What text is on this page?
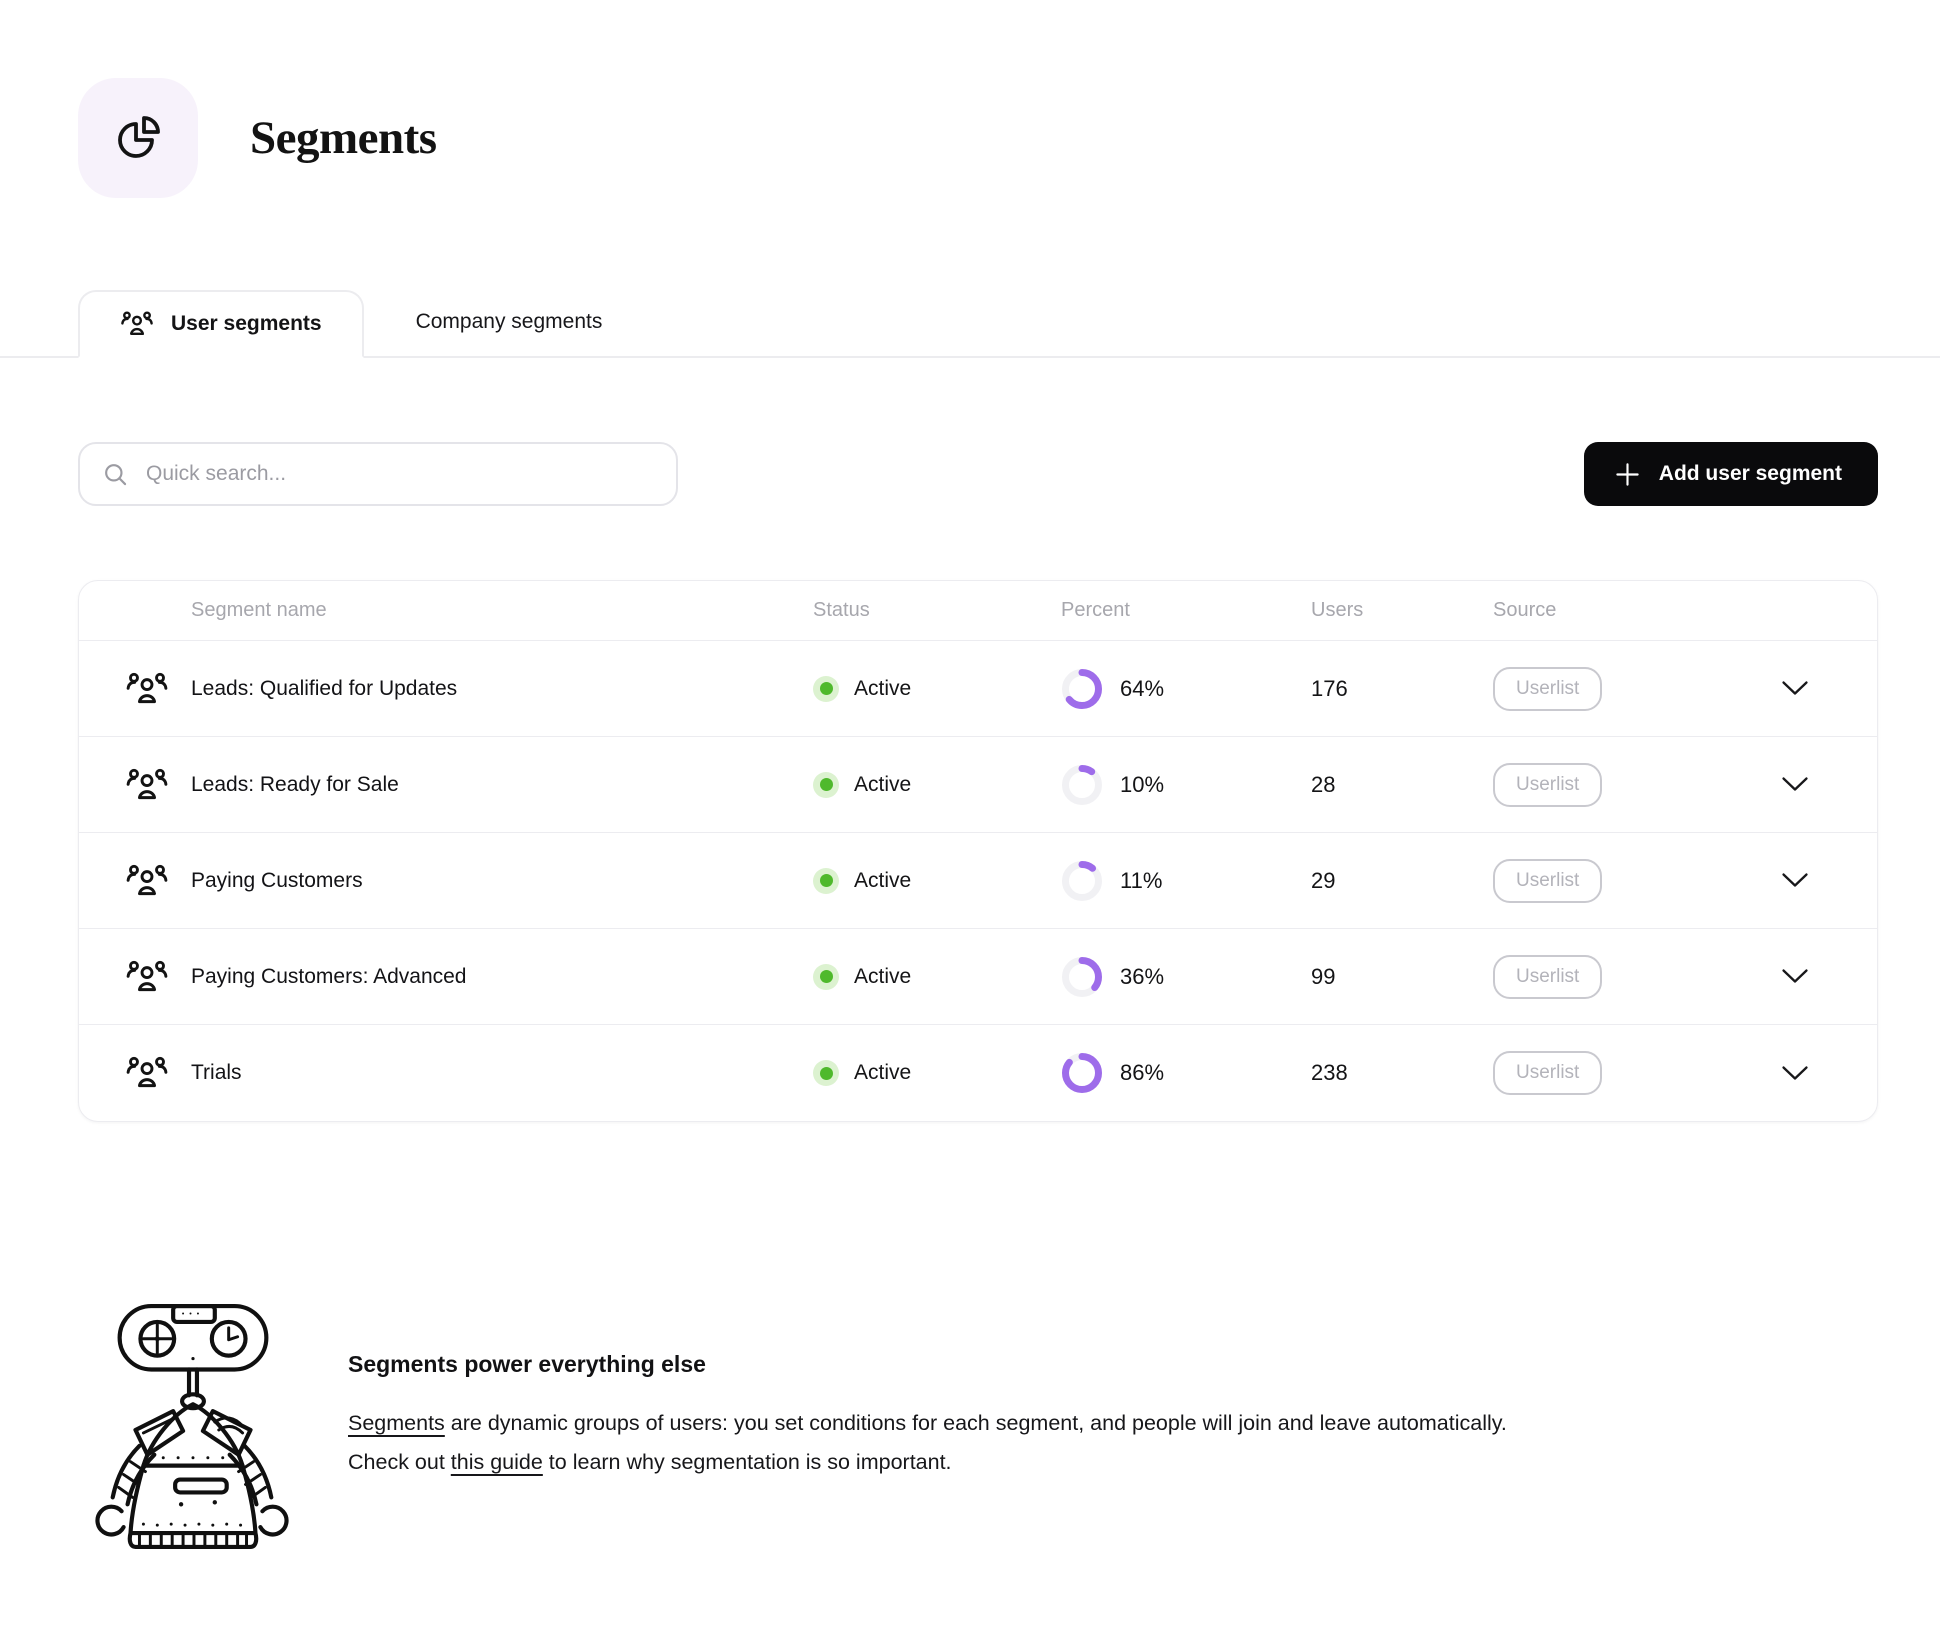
Segments
User segments	Company segments
Quick search...
Add user segment
Segment name	Status	Percent	Users	Source
Leads: Qualified for Updates	Active	64%	176	Userlist
Leads: Ready for Sale	Active	10%	28	Userlist
Paying Customers	Active	11%	29	Userlist
Paying Customers: Advanced	Active	36%	99	Userlist
Trials	Active	86%	238	Userlist
Segments power everything else

Segments are dynamic groups of users: you set conditions for each segment, and people will join and leave automatically. Check out this guide to learn why segmentation is so important.
